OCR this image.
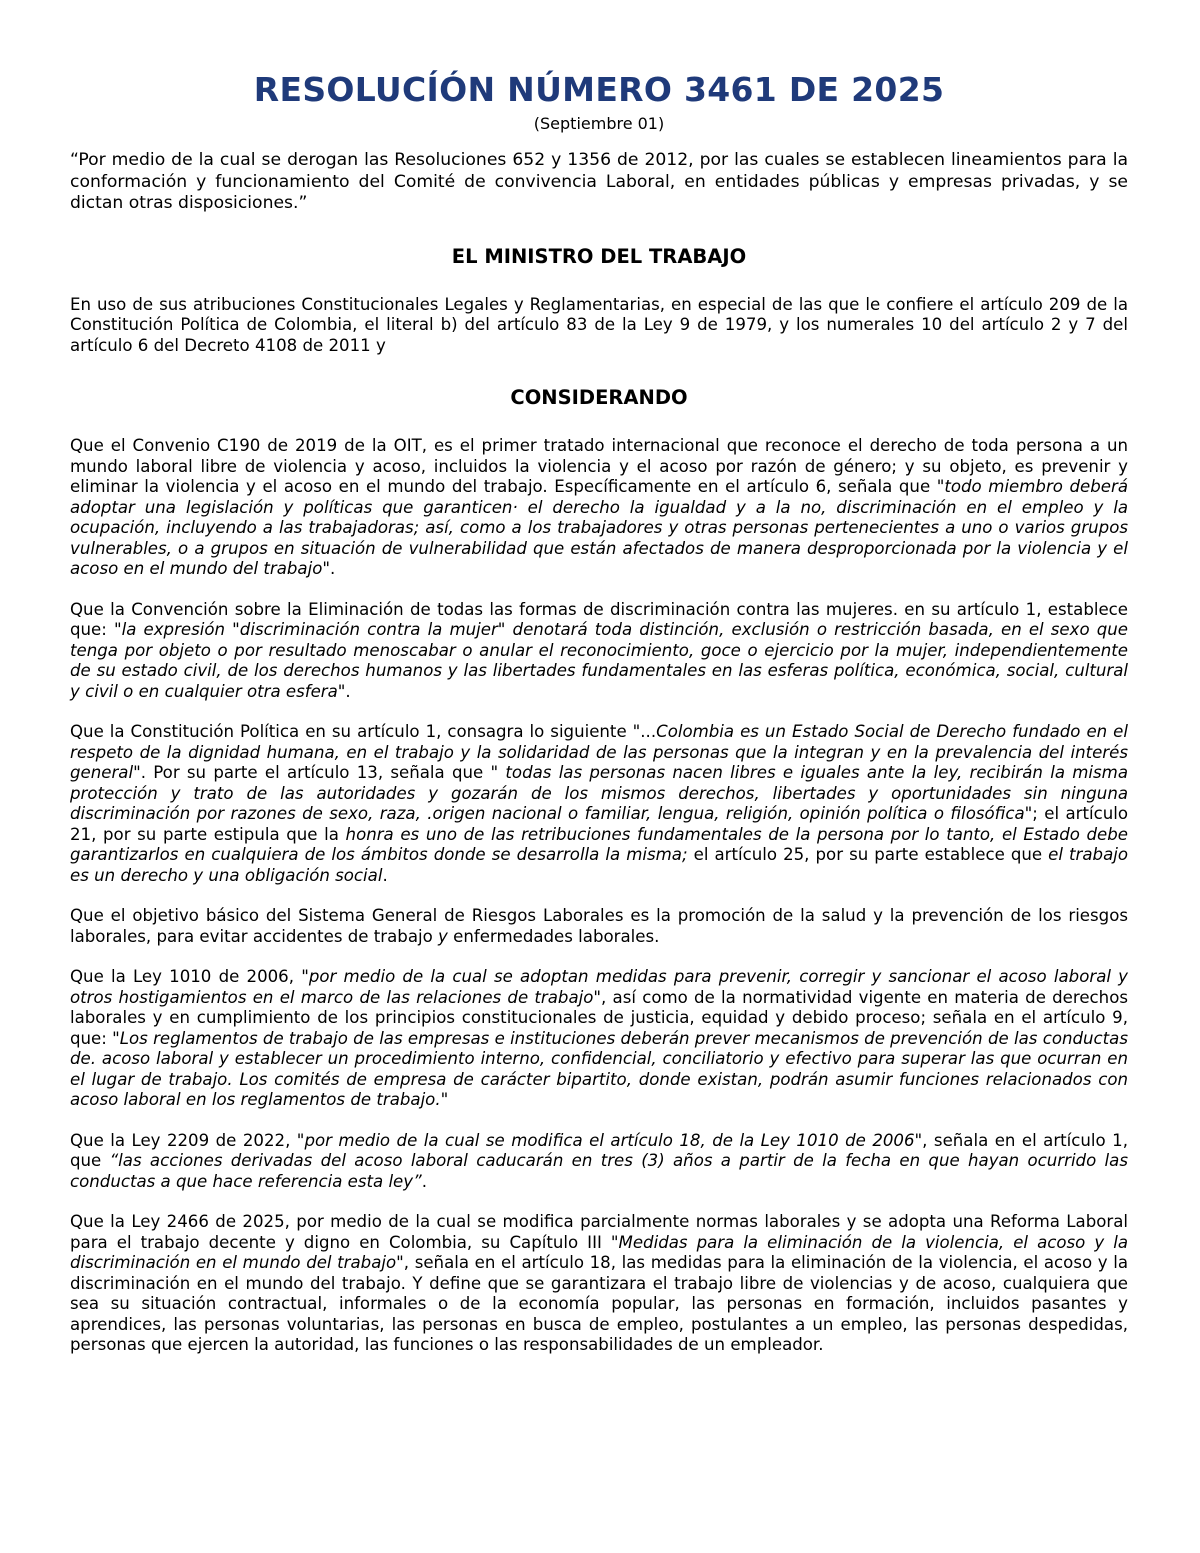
RESOLUCÍÓN NÚMERO 3461 DE 2025
(Septiembre 01)

“Por medio de la cual se derogan las Resoluciones 652 y 1356 de 2012, por las cuales se establecen lineamientos para la conformación y funcionamiento del Comité de convivencia Laboral, en entidades públicas y empresas privadas, y se dictan otras disposiciones.”

EL MINISTRO DEL TRABAJO

En uso de sus atribuciones Constitucionales Legales y Reglamentarias, en especial de las que le confiere el artículo 209 de la Constitución Política de Colombia, el literal b) del artículo 83 de la Ley 9 de 1979, y los numerales 10 del artículo 2 y 7 del artículo 6 del Decreto 4108 de 2011 y

CONSIDERANDO

Que el Convenio C190 de 2019 de la OIT, es el primer tratado internacional que reconoce el derecho de toda persona a un mundo laboral libre de violencia y acoso, incluidos la violencia y el acoso por razón de género; y su objeto, es prevenir y eliminar la violencia y el acoso en el mundo del trabajo. Específicamente en el artículo 6, señala que "todo miembro deberá adoptar una legislación y políticas que garanticen· el derecho la igualdad y a la no, discriminación en el empleo y la ocupación, incluyendo a las trabajadoras; así, como a los trabajadores y otras personas pertenecientes a uno o varios grupos vulnerables, o a grupos en situación de vulnerabilidad que están afectados de manera desproporcionada por la violencia y el acoso en el mundo del trabajo".

Que la Convención sobre la Eliminación de todas las formas de discriminación contra las mujeres. en su artículo 1, establece que: "la expresión "discriminación contra la mujer" denotará toda distinción, exclusión o restricción basada, en el sexo que tenga por objeto o por resultado menoscabar o anular el reconocimiento, goce o ejercicio por la mujer, independientemente de su estado civil, de los derechos humanos y las libertades fundamentales en las esferas política, económica, social, cultural y civil o en cualquier otra esfera".

Que la Constitución Política en su artículo 1, consagra lo siguiente "...Colombia es un Estado Social de Derecho fundado en el respeto de la dignidad humana, en el trabajo y la solidaridad de las personas que la integran y en la prevalencia del interés general". Por su parte el artículo 13, señala que " todas las personas nacen libres e iguales ante la ley, recibirán la misma protección y trato de las autoridades y gozarán de los mismos derechos, libertades y oportunidades sin ninguna discriminación por razones de sexo, raza, .origen nacional o familiar, lengua, religión, opinión política o filosófica"; el artículo 21, por su parte estipula que la honra es uno de las retribuciones fundamentales de la persona por lo tanto, el Estado debe garantizarlos en cualquiera de los ámbitos donde se desarrolla la misma; el artículo 25, por su parte establece que el trabajo es un derecho y una obligación social.

Que el objetivo básico del Sistema General de Riesgos Laborales es la promoción de la salud y la prevención de los riesgos laborales, para evitar accidentes de trabajo y enfermedades laborales.

Que la Ley 1010 de 2006, "por medio de la cual se adoptan medidas para prevenir, corregir y sancionar el acoso laboral y otros hostigamientos en el marco de las relaciones de trabajo", así como de la normatividad vigente en materia de derechos laborales y en cumplimiento de los principios constitucionales de justicia, equidad y debido proceso; señala en el artículo 9, que: "Los reglamentos de trabajo de las empresas e instituciones deberán prever mecanismos de prevención de las conductas de. acoso laboral y establecer un procedimiento interno, confidencial, conciliatorio y efectivo para superar las que ocurran en el lugar de trabajo. Los comités de empresa de carácter bipartito, donde existan, podrán asumir funciones relacionados con acoso laboral en los reglamentos de trabajo."

Que la Ley 2209 de 2022, "por medio de la cual se modifica el artículo 18, de la Ley 1010 de 2006", señala en el artículo 1, que “las acciones derivadas del acoso laboral caducarán en tres (3) años a partir de la fecha en que hayan ocurrido las conductas a que hace referencia esta ley”.

Que la Ley 2466 de 2025, por medio de la cual se modifica parcialmente normas laborales y se adopta una Reforma Laboral para el trabajo decente y digno en Colombia, su Capítulo III "Medidas para la eliminación de la violencia, el acoso y la discriminación en el mundo del trabajo", señala en el artículo 18, las medidas para la eliminación de la violencia, el acoso y la discriminación en el mundo del trabajo. Y define que se garantizara el trabajo libre de violencias y de acoso, cualquiera que sea su situación contractual, informales o de la economía popular, las personas en formación, incluidos pasantes y aprendices, las personas voluntarias, las personas en busca de empleo, postulantes a un empleo, las personas despedidas, personas que ejercen la autoridad, las funciones o las responsabilidades de un empleador.
